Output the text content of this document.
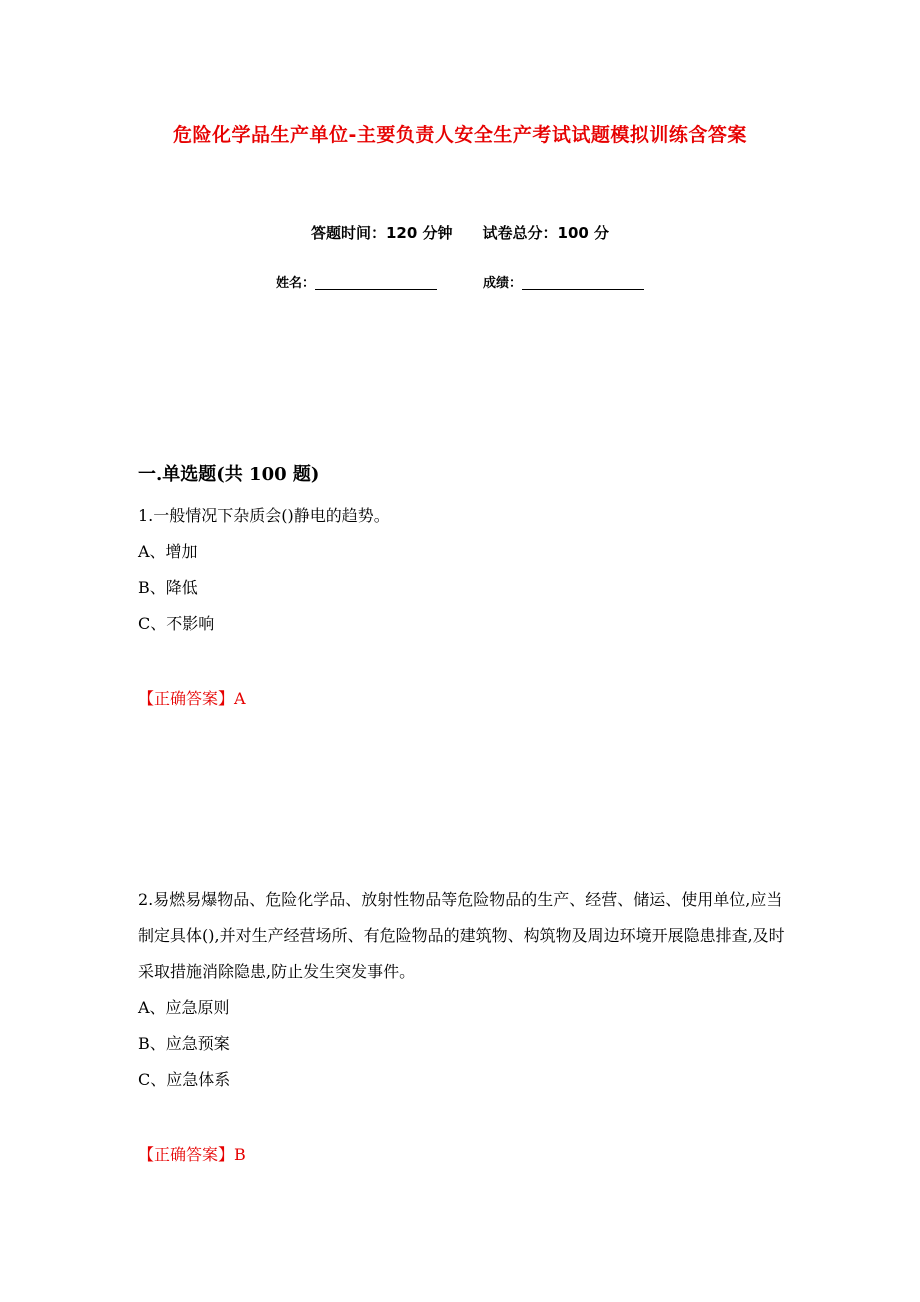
危险化学品生产单位-主要负责人安全生产考试试题模拟训练含答案
答题时间：120 分钟 试卷总分：100 分
姓名：	成绩：
一.单选题(共 100 题)
1.一般情况下杂质会()静电的趋势。
A、增加
B、降低
C、不影响
【正确答案】A
2.易燃易爆物品、危险化学品、放射性物品等危险物品的生产、经营、储运、使用单位,应当制定具体(),并对生产经营场所、有危险物品的建筑物、构筑物及周边环境开展隐患排查,及时采取措施消除隐患,防止发生突发事件。
A、应急原则
B、应急预案
C、应急体系
【正确答案】B
